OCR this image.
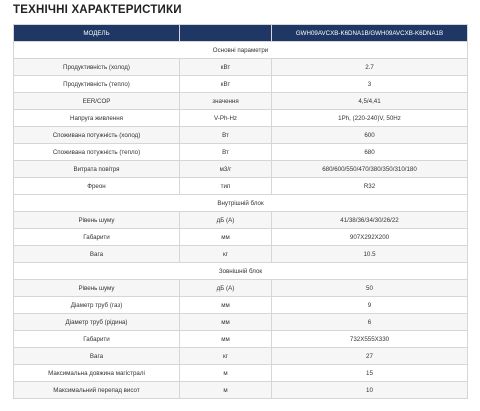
ТЕХНІЧНІ ХАРАКТЕРИСТИКИ
МОДЕЛЬ		GWH09AVCXB-K6DNA1B/GWH09AVCXB-K6DNA1B
Основні параметри		
Продуктивність (холод)	кВт	2.7
Продуктивність (тепло)	кВт	3
EER/COP	значення	4,5/4,41
Напруга живлення	V-Ph-Hz	1Ph, (220-240)V, 50Hz
Споживана потужність (холод)	Вт	600
Споживана потужність (тепло)	Вт	680
Витрата повітря	м3/г	680/600/550/470/380/350/310/180
Фреон	тип	R32
Внутрішній блок		
Рівень шуму	дБ (А)	41/38/36/34/30/26/22
Габарити	мм	907X292X200
Вага	кг	10.5
Зовнішній блок		
Рівень шуму	дБ (А)	50
Діаметр труб (газ)	мм	9
Діаметр труб (рідина)	мм	6
Габарити	мм	732X555X330
Вага	кг	27
Максимальна довжина магістралі	м	15
Максимальний перепад висот	м	10
